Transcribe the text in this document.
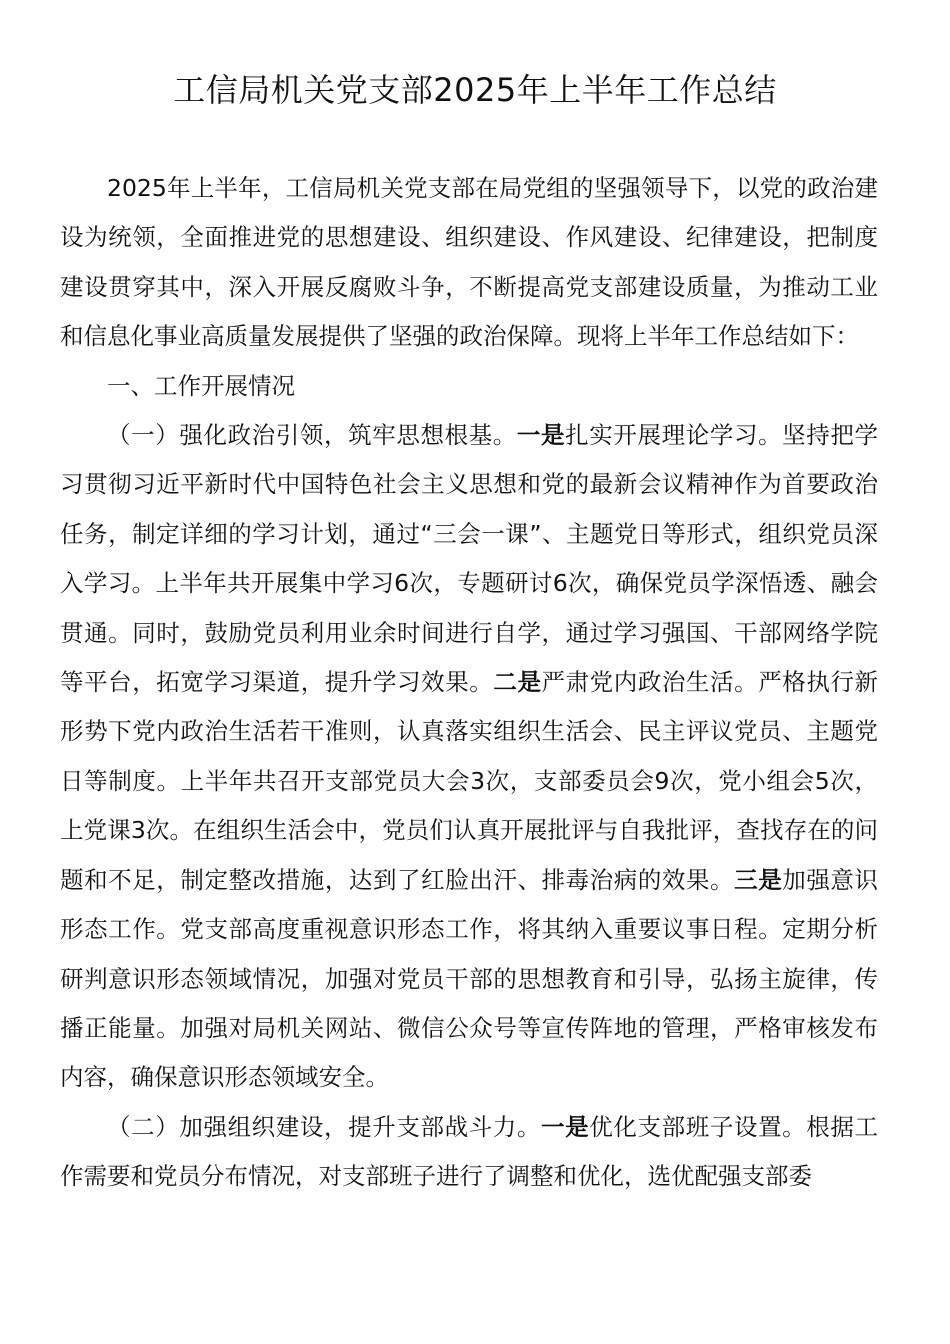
工信局机关党支部2025年上半年工作总结

2025年上半年，工信局机关党支部在局党组的坚强领导下，以党的政治建设为统领，全面推进党的思想建设、组织建设、作风建设、纪律建设，把制度建设贯穿其中，深入开展反腐败斗争，不断提高党支部建设质量，为推动工业和信息化事业高质量发展提供了坚强的政治保障。现将上半年工作总结如下：

一、工作开展情况

（一）强化政治引领，筑牢思想根基。一是扎实开展理论学习。坚持把学习贯彻习近平新时代中国特色社会主义思想和党的最新会议精神作为首要政治任务，制定详细的学习计划，通过“三会一课”、主题党日等形式，组织党员深入学习。上半年共开展集中学习6次，专题研讨6次，确保党员学深悟透、融会贯通。同时，鼓励党员利用业余时间进行自学，通过学习强国、干部网络学院等平台，拓宽学习渠道，提升学习效果。二是严肃党内政治生活。严格执行新形势下党内政治生活若干准则，认真落实组织生活会、民主评议党员、主题党日等制度。上半年共召开支部党员大会3次，支部委员会9次，党小组会5次，上党课3次。在组织生活会中，党员们认真开展批评与自我批评，查找存在的问题和不足，制定整改措施，达到了红脸出汗、排毒治病的效果。三是加强意识形态工作。党支部高度重视意识形态工作，将其纳入重要议事日程。定期分析研判意识形态领域情况，加强对党员干部的思想教育和引导，弘扬主旋律，传播正能量。加强对局机关网站、微信公众号等宣传阵地的管理，严格审核发布内容，确保意识形态领域安全。

（二）加强组织建设，提升支部战斗力。一是优化支部班子设置。根据工作需要和党员分布情况，对支部班子进行了调整和优化，选优配强支部委
